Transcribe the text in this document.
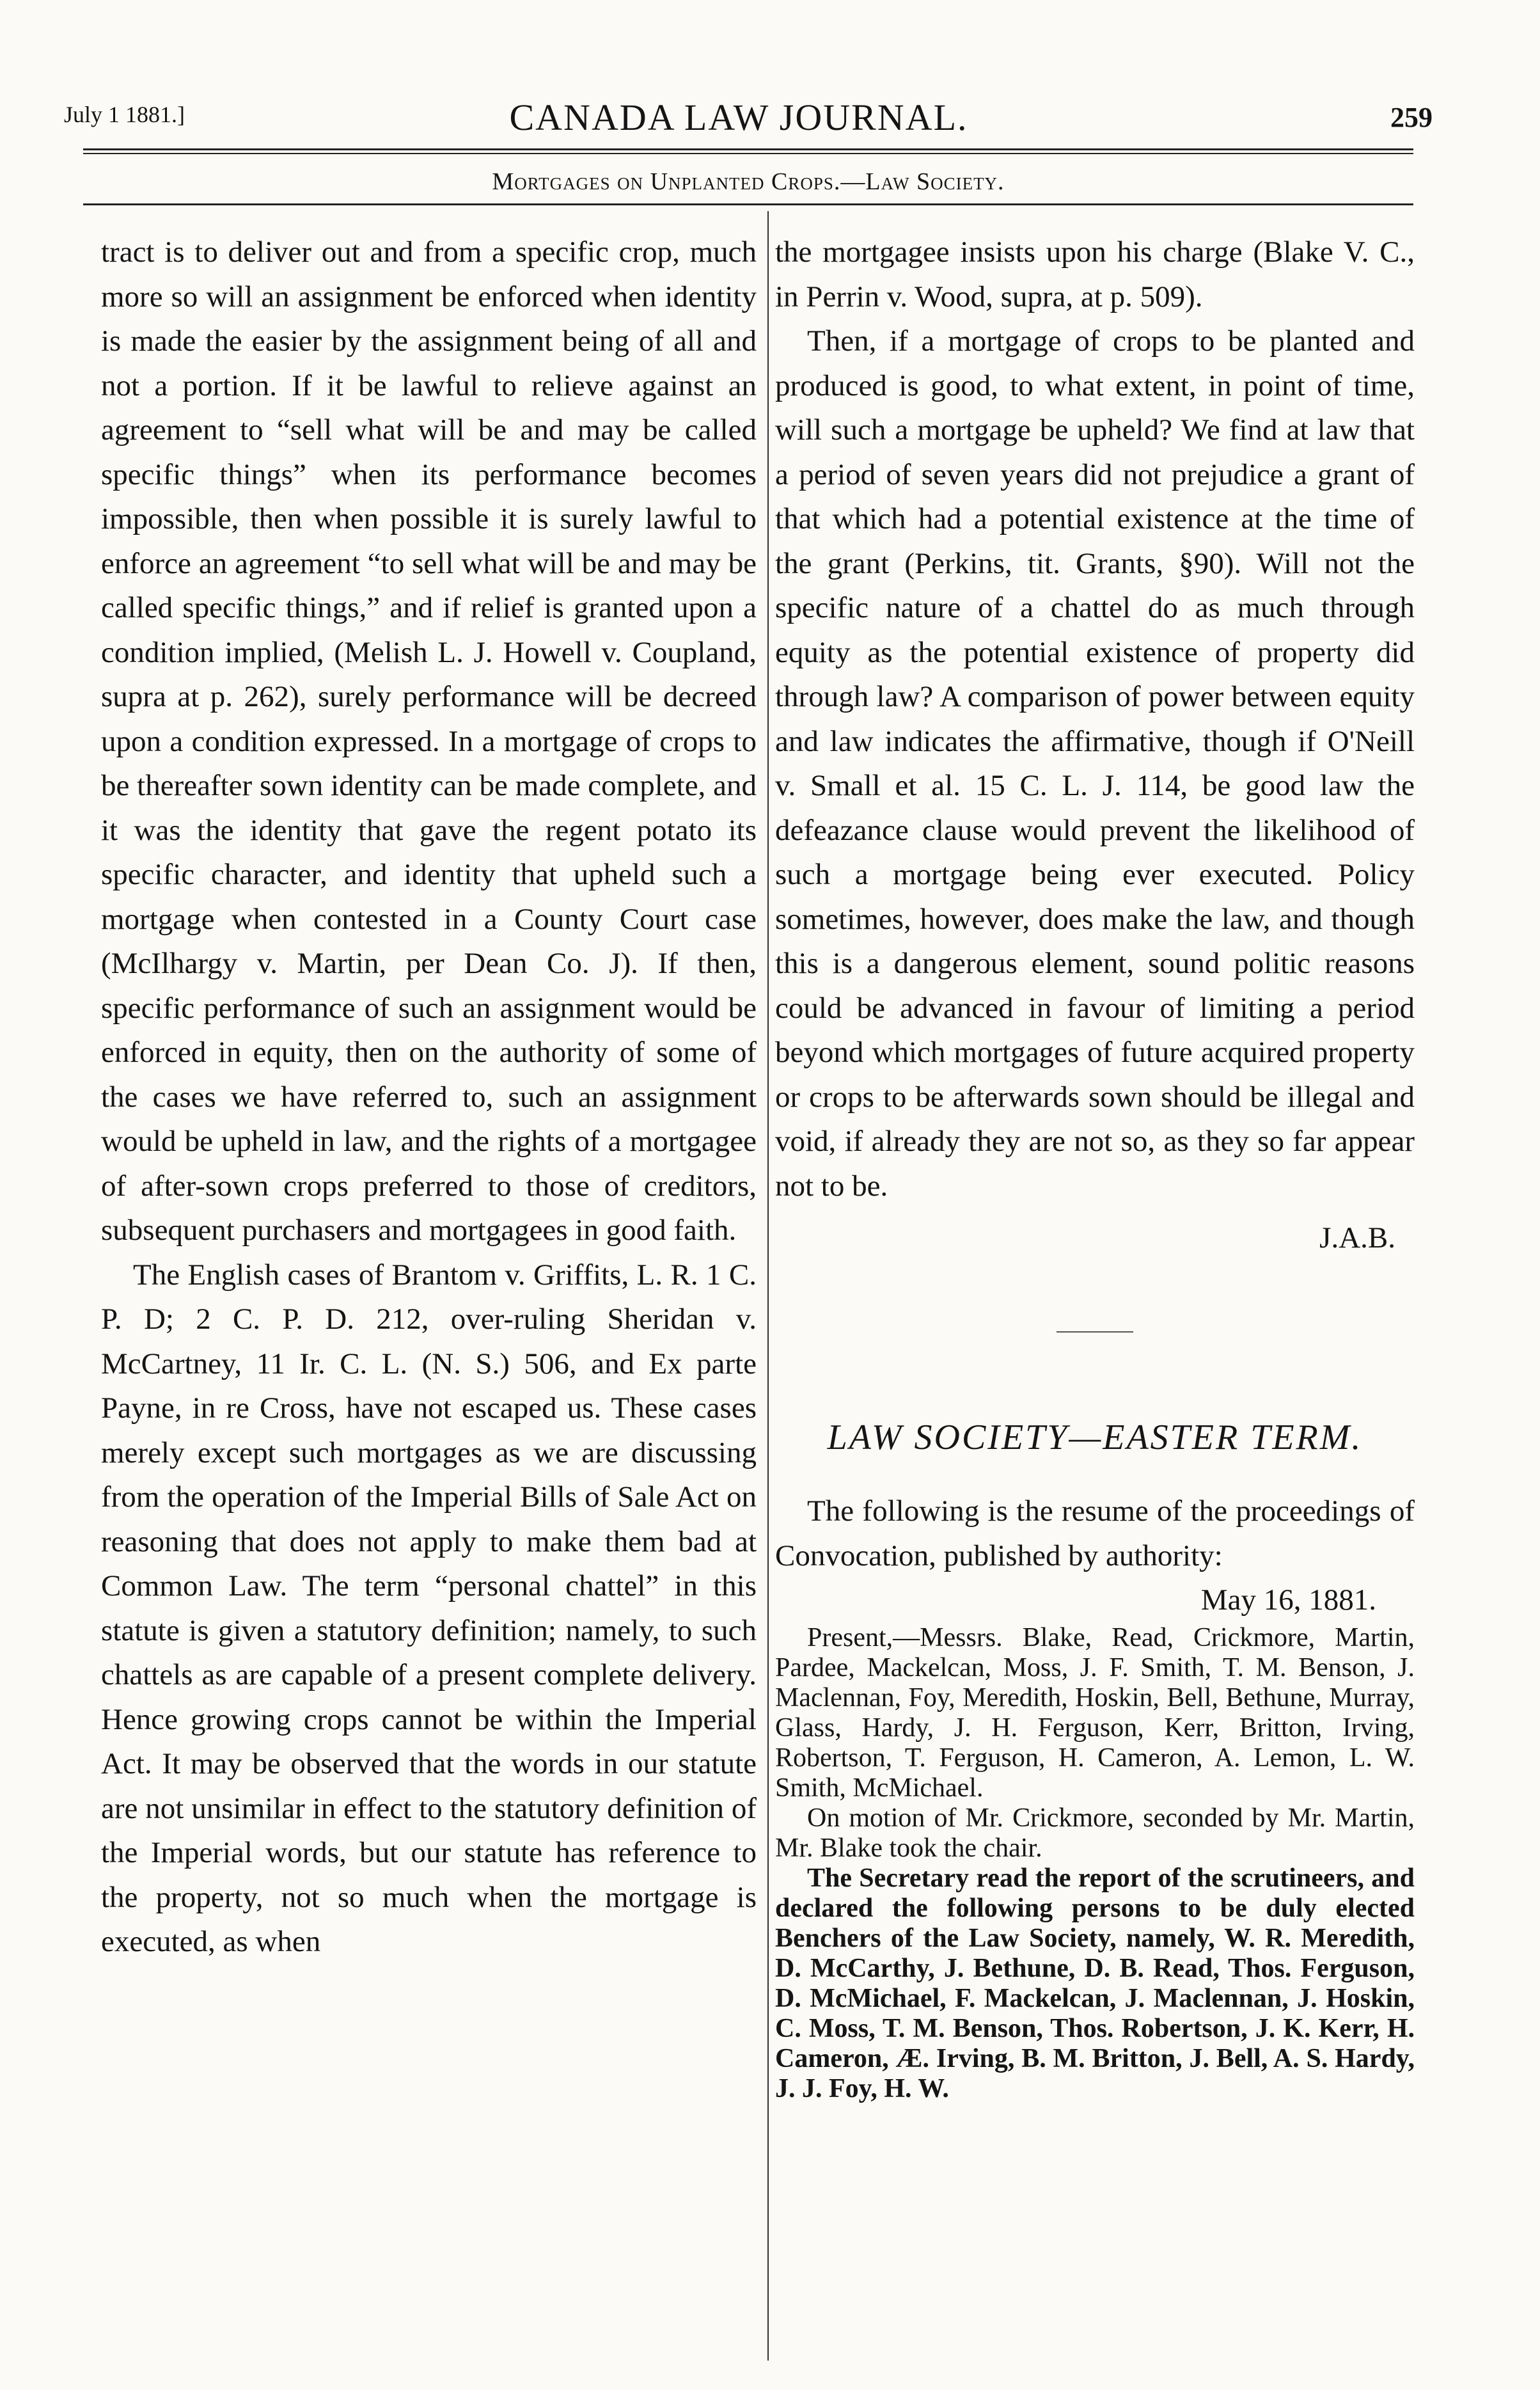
July 1 1881.]	CANADA LAW JOURNAL.	259
Mortgages on Unplanted Crops.—Law Society.

tract is to deliver out and from a specific crop, much more so will an assignment be enforced when identity is made the easier by the assignment being of all and not a portion. If it be lawful to relieve against an agreement to “sell what will be and may be called specific things” when its performance becomes impossible, then when possible it is surely lawful to enforce an agreement “to sell what will be and may be called specific things,” and if relief is granted upon a condition implied, (Melish L. J. Howell v. Coupland, supra at p. 262), surely performance will be decreed upon a condition expressed. In a mortgage of crops to be thereafter sown identity can be made complete, and it was the identity that gave the regent potato its specific character, and identity that upheld such a mortgage when contested in a County Court case (McIlhargy v. Martin, per Dean Co. J). If then, specific performance of such an assignment would be enforced in equity, then on the authority of some of the cases we have referred to, such an assignment would be upheld in law, and the rights of a mortgagee of after-sown crops preferred to those of creditors, subsequent purchasers and mortgagees in good faith.

The English cases of Brantom v. Griffits, L. R. 1 C. P. D; 2 C. P. D. 212, over-ruling Sheridan v. McCartney, 11 Ir. C. L. (N. S.) 506, and Ex parte Payne, in re Cross, have not escaped us. These cases merely except such mortgages as we are discussing from the operation of the Imperial Bills of Sale Act on reasoning that does not apply to make them bad at Common Law. The term “personal chattel” in this statute is given a statutory definition; namely, to such chattels as are capable of a present complete delivery. Hence growing crops cannot be within the Imperial Act. It may be observed that the words in our statute are not unsimilar in effect to the statutory definition of the Imperial words, but our statute has reference to the property, not so much when the mortgage is executed, as when

the mortgagee insists upon his charge (Blake V. C., in Perrin v. Wood, supra, at p. 509).

Then, if a mortgage of crops to be planted and produced is good, to what extent, in point of time, will such a mortgage be upheld? We find at law that a period of seven years did not prejudice a grant of that which had a potential existence at the time of the grant (Perkins, tit. Grants, §90). Will not the specific nature of a chattel do as much through equity as the potential existence of property did through law? A comparison of power between equity and law indicates the affirmative, though if O'Neill v. Small et al. 15 C. L. J. 114, be good law the defeazance clause would prevent the likelihood of such a mortgage being ever executed. Policy sometimes, however, does make the law, and though this is a dangerous element, sound politic reasons could be advanced in favour of limiting a period beyond which mortgages of future acquired property or crops to be afterwards sown should be illegal and void, if already they are not so, as they so far appear not to be.

J.A.B.

LAW SOCIETY—EASTER TERM.

The following is the resume of the proceedings of Convocation, published by authority:

May 16, 1881.

Present,—Messrs. Blake, Read, Crickmore, Martin, Pardee, Mackelcan, Moss, J. F. Smith, T. M. Benson, J. Maclennan, Foy, Meredith, Hoskin, Bell, Bethune, Murray, Glass, Hardy, J. H. Ferguson, Kerr, Britton, Irving, Robertson, T. Ferguson, H. Cameron, A. Lemon, L. W. Smith, McMichael.

On motion of Mr. Crickmore, seconded by Mr. Martin, Mr. Blake took the chair.

The Secretary read the report of the scrutineers, and declared the following persons to be duly elected Benchers of the Law Society, namely, W. R. Meredith, D. McCarthy, J. Bethune, D. B. Read, Thos. Ferguson, D. McMichael, F. Mackelcan, J. Maclennan, J. Hoskin, C. Moss, T. M. Benson, Thos. Robertson, J. K. Kerr, H. Cameron, Æ. Irving, B. M. Britton, J. Bell, A. S. Hardy, J. J. Foy, H. W.
